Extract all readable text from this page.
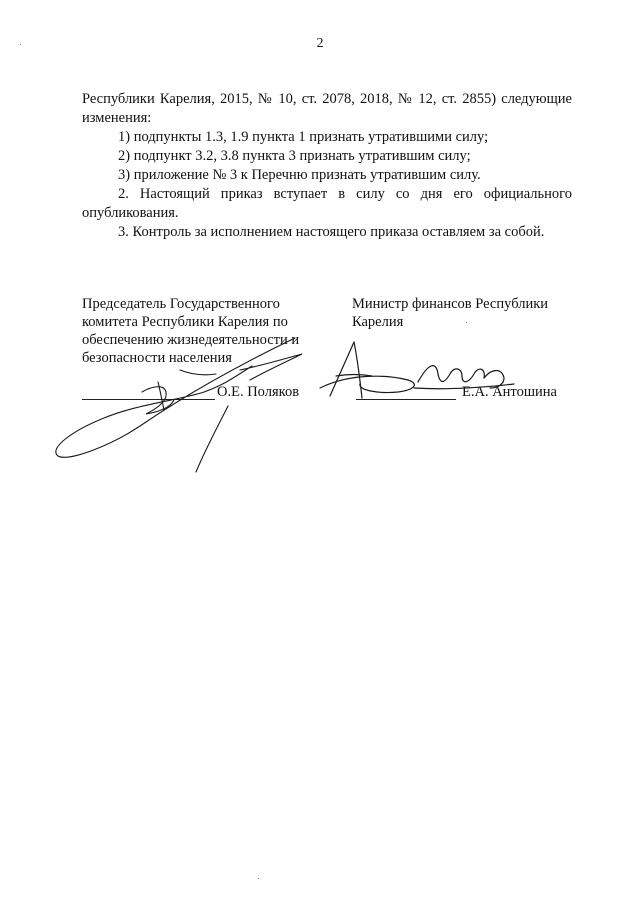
2

Республики Карелия, 2015, № 10, ст. 2078, 2018, № 12, ст. 2855) следующие

изменения:

1) подпункты 1.3, 1.9 пункта 1 признать утратившими силу;

2) подпункт 3.2, 3.8 пункта 3 признать утратившим силу;

3) приложение № 3 к Перечню признать утратившим силу.

2. Настоящий приказ вступает в силу со дня его официального

опубликования.

3. Контроль за исполнением настоящего приказа оставляем за собой.

Председатель Государственного
комитета Республики Карелия по
обеспечению жизнедеятельности и
безопасности населения

Министр финансов Республики
Карелия

О.Е. Поляков	Е.А. Антошина
